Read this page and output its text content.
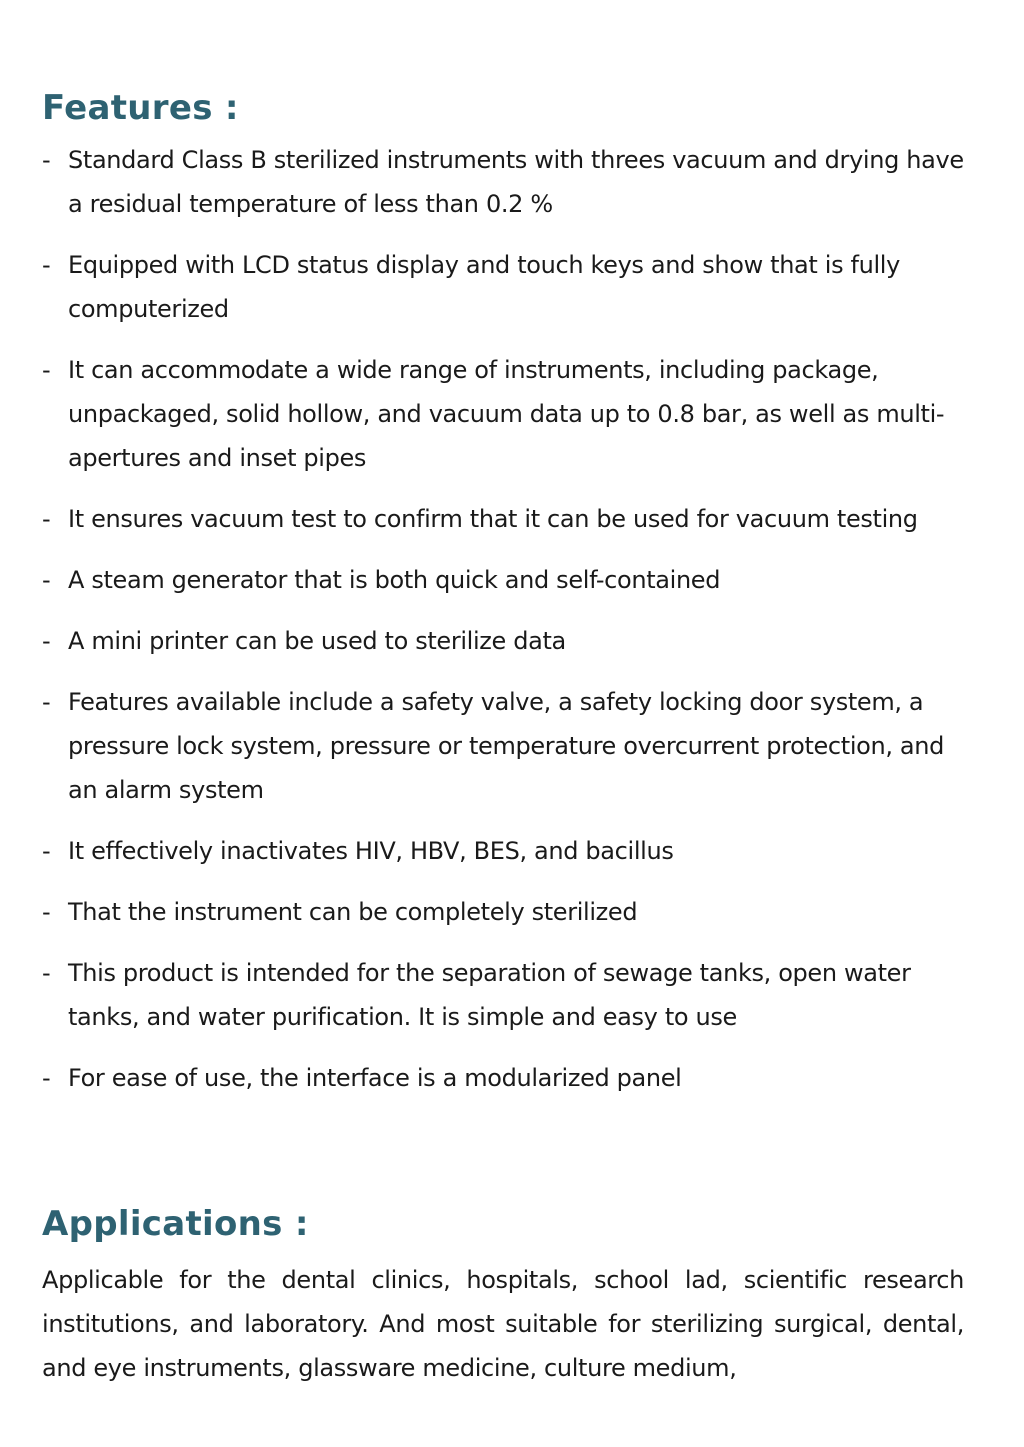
Features :
- Standard Class B sterilized instruments with threes vacuum and drying have a residual temperature of less than 0.2 %
- Equipped with LCD status display and touch keys and show that is fully computerized
- It can accommodate a wide range of instruments, including package, unpackaged, solid hollow, and vacuum data up to 0.8 bar, as well as multi-apertures and inset pipes
- It ensures vacuum test to confirm that it can be used for vacuum testing
- A steam generator that is both quick and self-contained
- A mini printer can be used to sterilize data
- Features available include a safety valve, a safety locking door system, a pressure lock system, pressure or temperature overcurrent protection, and an alarm system
- It effectively inactivates HIV, HBV, BES, and bacillus
- That the instrument can be completely sterilized
- This product is intended for the separation of sewage tanks, open water tanks, and water purification. It is simple and easy to use
- For ease of use, the interface is a modularized panel
Applications :

Applicable for the dental clinics, hospitals, school lad, scientific research institutions, and laboratory. And most suitable for sterilizing surgical, dental, and eye instruments, glassware medicine, culture medium,
